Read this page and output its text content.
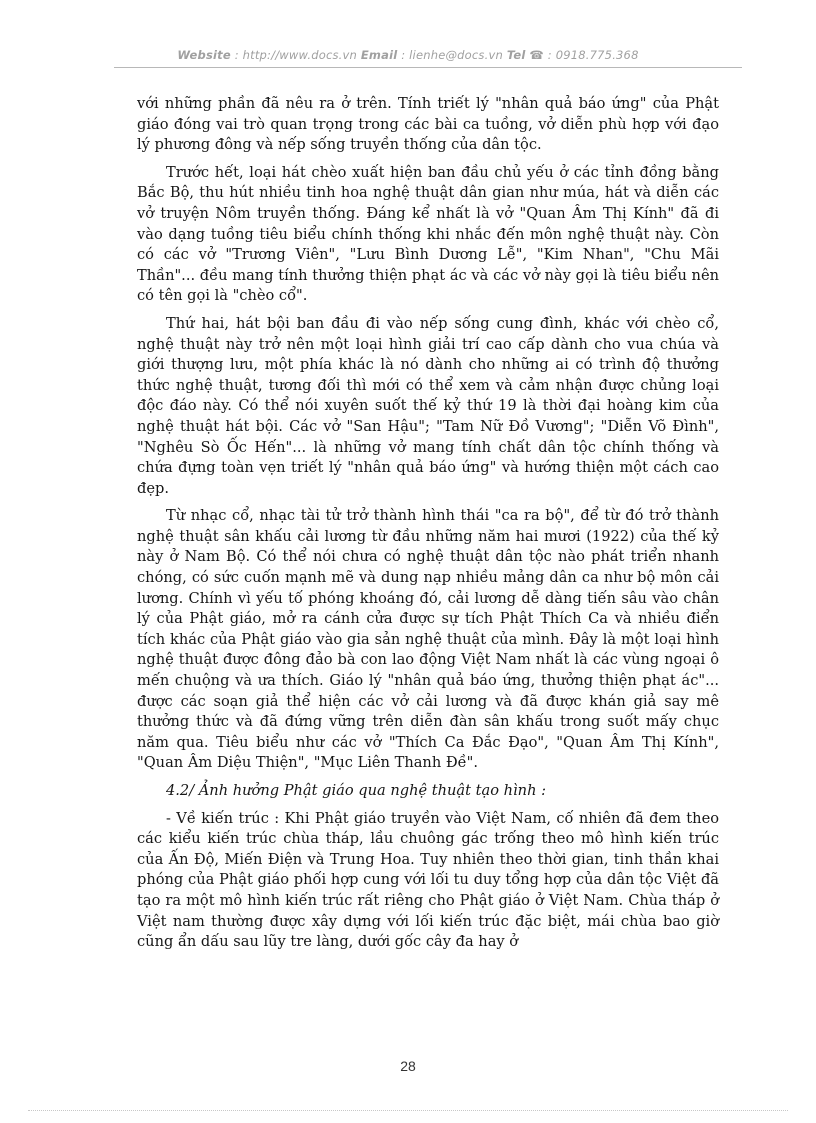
Website : http://www.docs.vn Email : lienhe@docs.vn Tel ☎ : 0918.775.368

với những phần đã nêu ra ở trên. Tính triết lý "nhân quả báo ứng" của Phật giáo đóng vai trò quan trọng trong các bài ca tuồng, vở diễn phù hợp với đạo lý phương đông và nếp sống truyền thống của dân tộc.

Trước hết, loại hát chèo xuất hiện ban đầu chủ yếu ở các tỉnh đồng bằng Bắc Bộ, thu hút nhiều tinh hoa nghệ thuật dân gian như múa, hát và diễn các vở truyện Nôm truyền thống. Đáng kể nhất là vở "Quan Âm Thị Kính" đã đi vào dạng tuồng tiêu biểu chính thống khi nhắc đến môn nghệ thuật này. Còn có các vở "Trương Viên", "Lưu Bình Dương Lễ", "Kim Nhan", "Chu Mãi Thần"... đều mang tính thưởng thiện phạt ác và các vở này gọi là tiêu biểu nên có tên gọi là "chèo cổ".

Thứ hai, hát bội ban đầu đi vào nếp sống cung đình, khác với chèo cổ, nghệ thuật này trở nên một loại hình giải trí cao cấp dành cho vua chúa và giới thượng lưu, một phía khác là nó dành cho những ai có trình độ thưởng thức nghệ thuật, tương đối thì mới có thể xem và cảm nhận được chủng loại độc đáo này. Có thể nói xuyên suốt thế kỷ thứ 19 là thời đại hoàng kim của nghệ thuật hát bội. Các vở "San Hậu"; "Tam Nữ Đồ Vương"; "Diễn Võ Đình", "Nghêu Sò Ốc Hến"... là những vở mang tính chất dân tộc chính thống và chứa đựng toàn vẹn triết lý "nhân quả báo ứng" và hướng thiện một cách cao đẹp.

Từ nhạc cổ, nhạc tài tử trở thành hình thái "ca ra bộ", để từ đó trở thành nghệ thuật sân khấu cải lương từ đầu những năm hai mươi (1922) của thế kỷ này ở Nam Bộ. Có thể nói chưa có nghệ thuật dân tộc nào phát triển nhanh chóng, có sức cuốn mạnh mẽ và dung nạp nhiều mảng dân ca như bộ môn cải lương. Chính vì yếu tố phóng khoáng đó, cải lương dễ dàng tiến sâu vào chân lý của Phật giáo, mở ra cánh cửa được sự tích Phật Thích Ca và nhiều điển tích khác của Phật giáo vào gia sản nghệ thuật của mình. Đây là một loại hình nghệ thuật được đông đảo bà con lao động Việt Nam nhất là các vùng ngoại ô mến chuộng và ưa thích. Giáo lý "nhân quả báo ứng, thưởng thiện phạt ác"... được các soạn giả thể hiện các vở cải lương và đã được khán giả say mê thưởng thức và đã đứng vững trên diễn đàn sân khấu trong suốt mấy chục năm qua. Tiêu biểu như các vở "Thích Ca Đắc Đạo", "Quan Âm Thị Kính", "Quan Âm Diệu Thiện", "Mục Liên Thanh Đề".

4.2/ Ảnh hưởng Phật giáo qua nghệ thuật tạo hình :

- Về kiến trúc : Khi Phật giáo truyền vào Việt Nam, cố nhiên đã đem theo các kiểu kiến trúc chùa tháp, lầu chuông gác trống theo mô hình kiến trúc của Ấn Độ, Miến Điện và Trung Hoa. Tuy nhiên theo thời gian, tinh thần khai phóng của Phật giáo phối hợp cung với lối tu duy tổng hợp của dân tộc Việt đã tạo ra một mô hình kiến trúc rất riêng cho Phật giáo ở Việt Nam. Chùa tháp ở Việt nam thường được xây dựng với lối kiến trúc đặc biệt, mái chùa bao giờ cũng ẩn dấu sau lũy tre làng, dưới gốc cây đa hay ở

28
